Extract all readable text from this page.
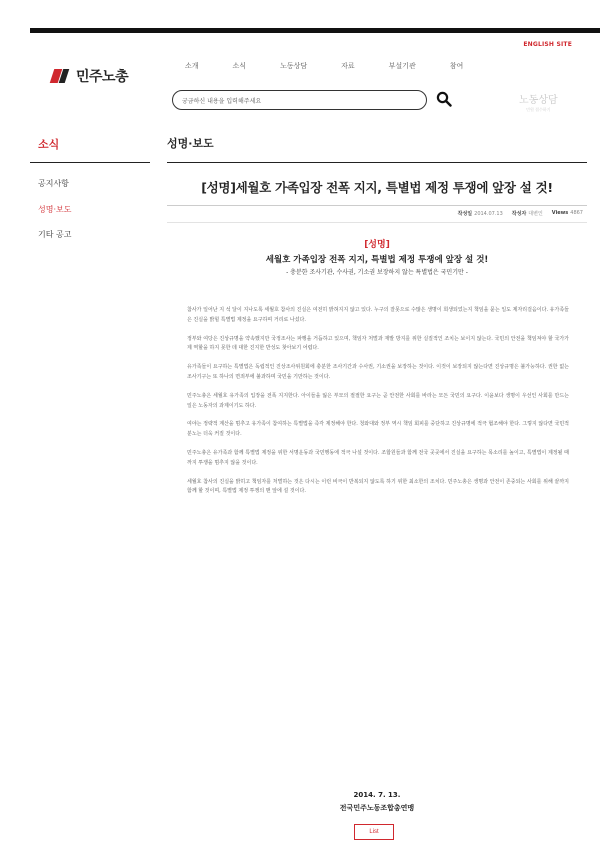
ENGLISH SITE
민주노총
소개	소식	노동상담	자료	부설기관	참여
궁금하신 내용을 입력해주세요	노동상담
민원 접수하기
소식
공지사항
성명·보도
기타 공고
성명·보도
[성명]세월호 가족입장 전폭 지지, 특별법 제정 투쟁에 앞장 설 것!
작성일 2014.07.13 작성자 대변인 Views 4867
[성명]
세월호 가족입장 전폭 지지, 특별법 제정 투쟁에 앞장 설 것!
- 충분한 조사기관, 수사권, 기소권 보장하지 않는 특별법은 국민기만 -

참사가 일어난 지 석 달이 지나도록 세월호 참사의 진실은 여전히 밝혀지지 않고 있다. 누구의 잘못으로 수많은 생명이 희생되었는지 책임을 묻는 일도 제자리걸음이다. 유가족들은 진실을 밝힐 특별법 제정을 요구하며 거리로 나섰다.

정부와 여당은 진상규명을 약속했지만 국정조사는 파행을 거듭하고 있으며, 책임자 처벌과 재발 방지를 위한 실질적인 조치는 보이지 않는다. 국민의 안전을 책임져야 할 국가가 제 역할을 하지 못한 데 대한 진지한 반성도 찾아보기 어렵다.

유가족들이 요구하는 특별법은 독립적인 진상조사위원회에 충분한 조사기간과 수사권, 기소권을 보장하는 것이다. 이것이 보장되지 않는다면 진상규명은 불가능하다. 권한 없는 조사기구는 또 하나의 면죄부에 불과하며 국민을 기만하는 것이다.

민주노총은 세월호 유가족의 입장을 전폭 지지한다. 아이들을 잃은 부모의 절절한 요구는 곧 안전한 사회를 바라는 모든 국민의 요구다. 이윤보다 생명이 우선인 사회를 만드는 일은 노동자의 과제이기도 하다.

여야는 정략적 계산을 멈추고 유가족이 참여하는 특별법을 즉각 제정해야 한다. 청와대와 정부 역시 책임 회피를 중단하고 진상규명에 적극 협조해야 한다. 그렇지 않다면 국민적 분노는 더욱 커질 것이다.

민주노총은 유가족과 함께 특별법 제정을 위한 서명운동과 국민행동에 적극 나설 것이다. 조합원들과 함께 전국 곳곳에서 진실을 요구하는 목소리를 높이고, 특별법이 제정될 때까지 투쟁을 멈추지 않을 것이다.

세월호 참사의 진실을 밝히고 책임자를 처벌하는 것은 다시는 이런 비극이 반복되지 않도록 하기 위한 최소한의 조치다. 민주노총은 생명과 안전이 존중되는 사회를 위해 끝까지 함께 할 것이며, 특별법 제정 투쟁의 맨 앞에 설 것이다.

2014. 7. 13.
전국민주노동조합총연맹
List
